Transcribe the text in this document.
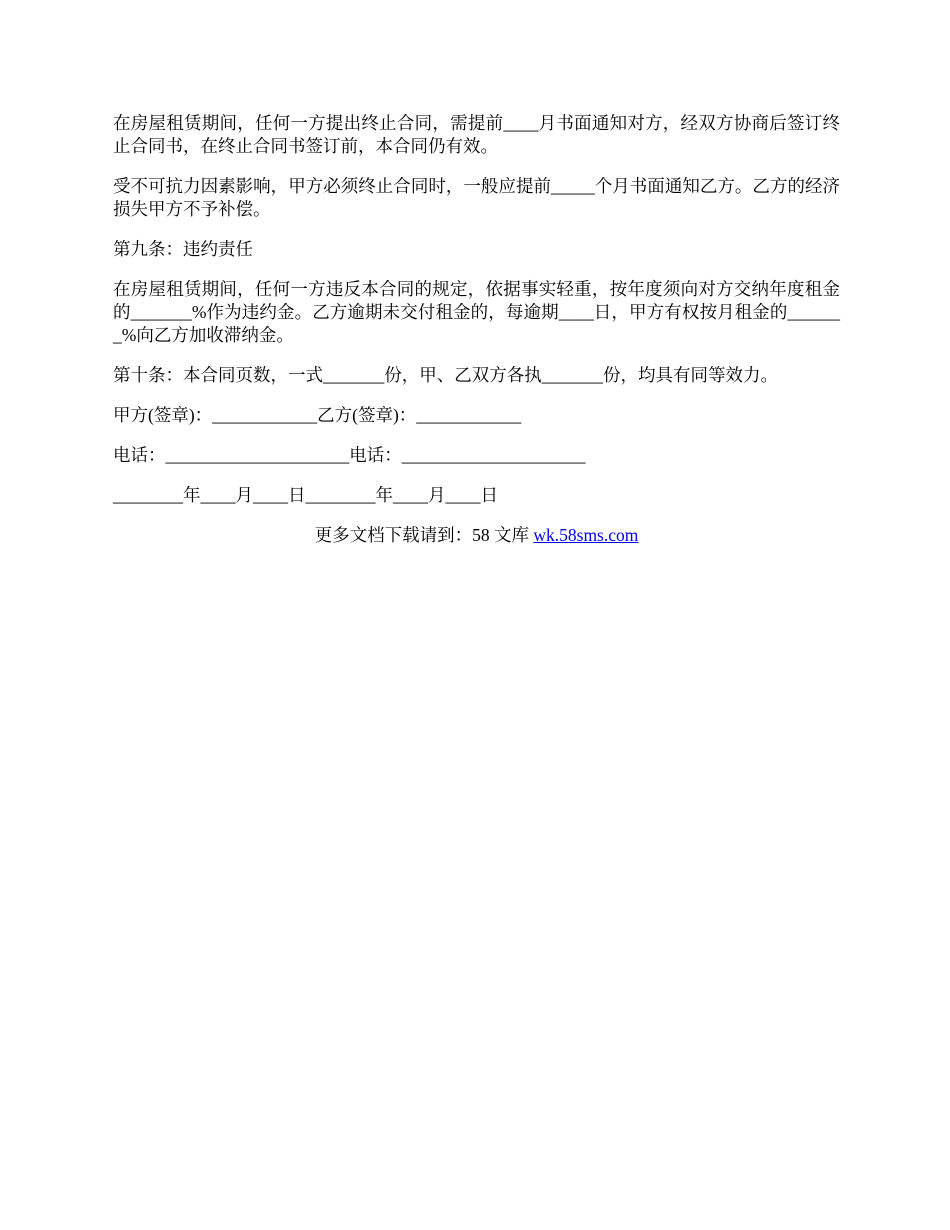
在房屋租赁期间，任何一方提出终止合同，需提前____月书面通知对方，经双方协商后签订终止合同书，在终止合同书签订前，本合同仍有效。

受不可抗力因素影响，甲方必须终止合同时，一般应提前_____个月书面通知乙方。乙方的经济损失甲方不予补偿。

第九条：违约责任

在房屋租赁期间，任何一方违反本合同的规定，依据事实轻重，按年度须向对方交纳年度租金的_______%作为违约金。乙方逾期未交付租金的，每逾期____日，甲方有权按月租金的_______%向乙方加收滞纳金。

第十条：本合同页数，一式_______份，甲、乙双方各执_______份，均具有同等效力。

甲方(签章)：____________乙方(签章)：____________

电话：_____________________电话：_____________________

________年____月____日________年____月____日

更多文档下载请到：58 文库 wk.58sms.com
